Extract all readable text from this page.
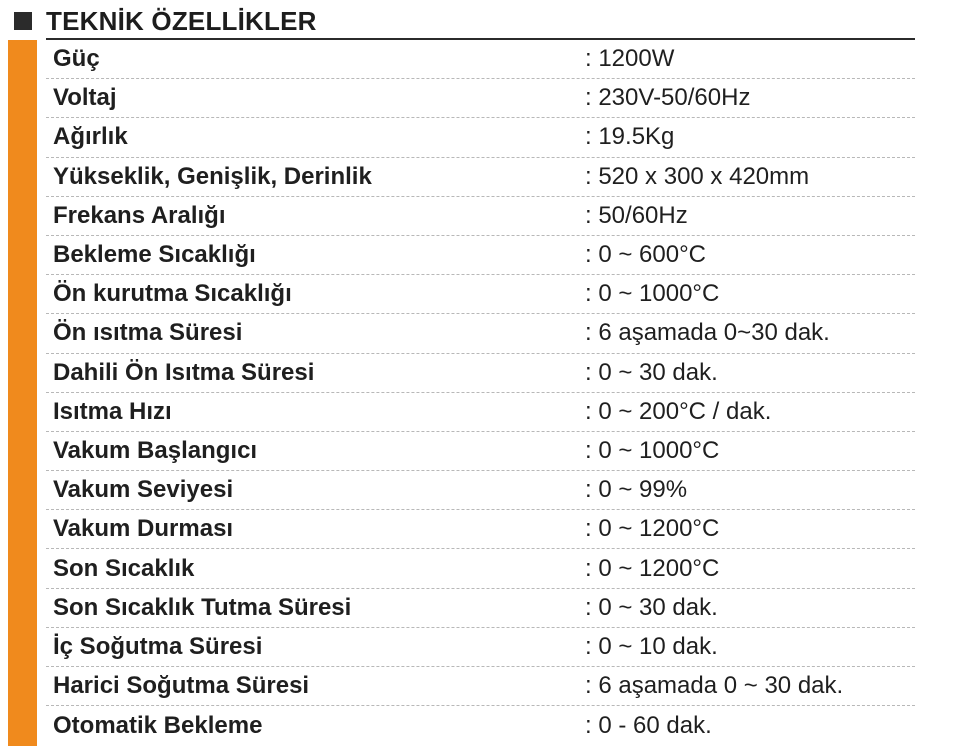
TEKNİK ÖZELLİKLER
Güç	: 1200W
Voltaj	: 230V-50/60Hz
Ağırlık	: 19.5Kg
Yükseklik, Genişlik, Derinlik	: 520 x 300 x 420mm
Frekans Aralığı	: 50/60Hz
Bekleme Sıcaklığı	: 0 ~ 600°C
Ön kurutma Sıcaklığı	: 0 ~ 1000°C
Ön ısıtma Süresi	: 6 aşamada 0~30 dak.
Dahili Ön Isıtma Süresi	: 0 ~ 30 dak.
Isıtma Hızı	: 0 ~ 200°C / dak.
Vakum Başlangıcı	: 0 ~ 1000°C
Vakum Seviyesi	: 0 ~ 99%
Vakum Durması	: 0 ~ 1200°C
Son Sıcaklık	: 0 ~ 1200°C
Son Sıcaklık Tutma Süresi	: 0 ~ 30 dak.
İç Soğutma Süresi	: 0 ~ 10 dak.
Harici Soğutma Süresi	: 6 aşamada 0 ~ 30 dak.
Otomatik Bekleme	: 0 - 60 dak.
